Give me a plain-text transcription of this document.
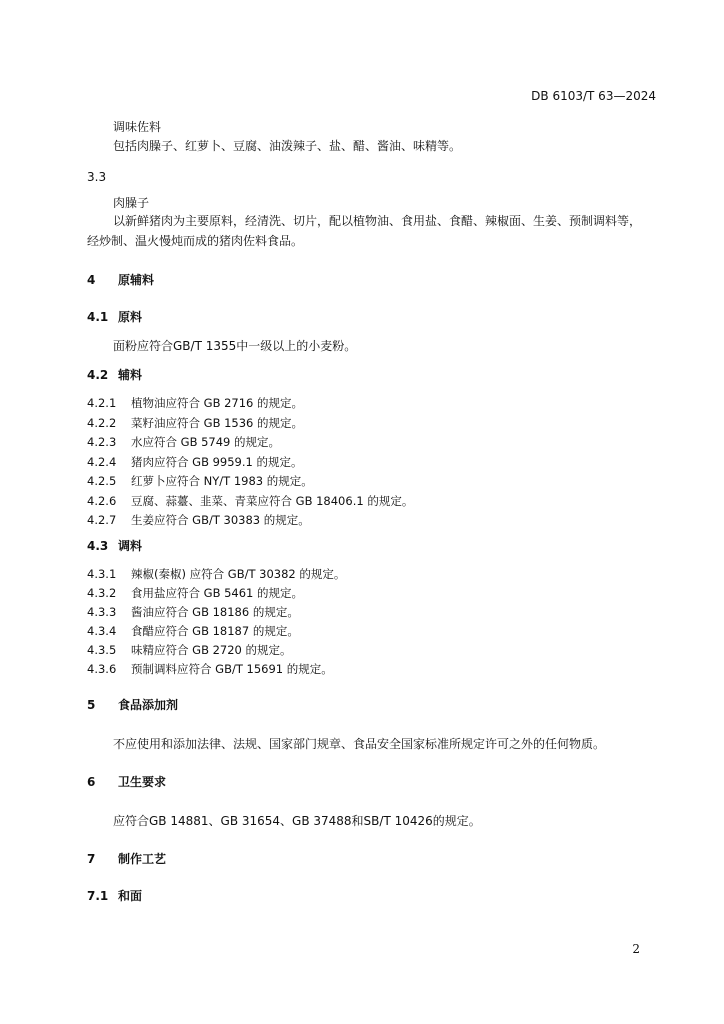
DB 6103/T 63—2024
调味佐料
包括肉臊子、红萝卜、豆腐、油泼辣子、盐、醋、酱油、味精等。
3.3
肉臊子
以新鲜猪肉为主要原料，经清洗、切片，配以植物油、食用盐、食醋、辣椒面、生姜、预制调料等，
经炒制、温火慢炖而成的猪肉佐料食品。
4 原辅料
4.1 原料
面粉应符合GB/T 1355中一级以上的小麦粉。
4.2 辅料
4.2.1	植物油应符合 GB 2716 的规定。
4.2.2	菜籽油应符合 GB 1536 的规定。
4.2.3	水应符合 GB 5749 的规定。
4.2.4	猪肉应符合 GB 9959.1 的规定。
4.2.5	红萝卜应符合 NY/T 1983 的规定。
4.2.6	豆腐、蒜薹、韭菜、青菜应符合 GB 18406.1 的规定。
4.2.7	生姜应符合 GB/T 30383 的规定。
4.3 调料
4.3.1	辣椒(秦椒) 应符合 GB/T 30382 的规定。
4.3.2	食用盐应符合 GB 5461 的规定。
4.3.3	酱油应符合 GB 18186 的规定。
4.3.4	食醋应符合 GB 18187 的规定。
4.3.5	味精应符合 GB 2720 的规定。
4.3.6	预制调料应符合 GB/T 15691 的规定。
5 食品添加剂
不应使用和添加法律、法规、国家部门规章、食品安全国家标准所规定许可之外的任何物质。
6 卫生要求
应符合GB 14881、GB 31654、GB 37488和SB/T 10426的规定。
7 制作工艺
7.1 和面
2
